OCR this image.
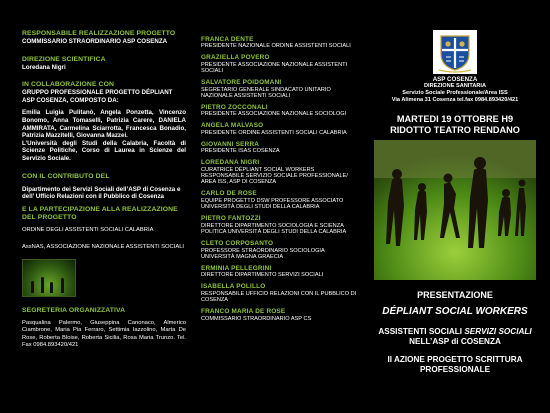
RESPONSABILE REALIZZAZIONE PROGETTO
COMMISSARIO STRAORDINARIO ASP COSENZA
DIREZIONE SCIENTIFICA
Loredana Nigri
IN COLLABORAZIONE CON
GRUPPO PROFESSIONALE PROGETTO DÉPLIANT ASP COSENZA, COMPOSTO DA:
Emilia Luigia Pulitanò, Angela Ponzetta, Vincenzo Bonomo, Anna Tomaselli, Patrizia Carere, DANIELA AMMIRATA, Carmelina Sciarrotta, Francesca Bonadio, Patrizia Mazzitelli, Giovanna Mazzei.
L’Università degli Studi della Calabria, Facoltà di Scienze Politiche, Corso di Laurea in Scienze del Servizio Sociale.
CON IL CONTRIBUTO DEL
Dipartimento dei Servizi Sociali dell’ASP di Cosenza e dell’ Ufficio Relazioni con il Pubblico di Cosenza
E LA PARTECIPAZIONE ALLA REALIZZAZIONE DEL PROGETTO
ORDINE DEGLI ASSISTENTI SOCIALI CALABRIA
AssNAS, ASSOCIAZIONE NAZIONALE ASSISTENTI SOCIALI
SEGRETERIA ORGANIZZATIVA
Pasqualina Palermo, Giuseppina Canonaco, Almerico Ciambrone, Maria Pia Ferraro, Settimia Iazzolino, Marta De Rose, Roberta Bloise, Roberta Sicilia, Rosa Maria Trunzo. Tel. Fax 0984.893420/421
FRANCA DENTE
PRESIDENTE NAZIONALE ORDINE ASSISTENTI SOCIALI
GRAZIELLA POVERO
PRESIDENTE ASSOCIAZIONE NAZIONALE ASSISTENTI SOCIALI
SALVATORE POIDOMANI
SEGRETARIO GENERALE SINDACATO UNITARIO NAZIONALE ASSISTENTI SOCIALI
PIETRO ZOCCONALI
PRESIDENTE ASSOCIAZIONE NAZIONALE SOCIOLOGI
ANGELA MALVASO
PRESIDENTE ORDINE ASSISTENTI SOCIALI CALABRIA
GIOVANNI SERRA
PRESIDENTE ISAS COSENZA
LOREDANA NIGRI
CURATRICE DÉPLIANT SOCIAL WORKERS RESPONSABILE SERVIZIO SOCIALE PROFESSIONALE/ AREA ISS, ASP DI COSENZA
CARLO DE ROSE
EQUIPE PROGETTO DSW PROFESSORE ASSOCIATO UNIVERSITÀ DEGLI STUDI DELLA CALABRIA
PIETRO FANTOZZI
DIRETTORE DIPARTIMENTO SOCIOLOGIA E SCIENZA POLITICA UNIVERSITÀ DEGLI STUDI DELLA CALABRIA
CLETO CORPOSANTO
PROFESSORE STRAORDINARIO SOCIOLOGIA UNIVERSITÀ MAGNA GRAECIA
ERMINIA PELLEGRINI
DIRETTORE DIPARTIMENTO SERVIZI SOCIALI
ISABELLA POLILLO
RESPONSABILE UFFICIO RELAZIONI CON IL PUBBLICO DI COSENZA
FRANCO MARIA DE ROSE
COMMISSARIO STRAORDINARIO ASP CS
ASP COSENZA
DIREZIONE SANITARIA
Servizio Sociale Professionale/Area ISS
Via Alimena 31 Cosenza tel.fax 0984.893420/421
MARTEDI 19 OTTOBRE H9
RIDOTTO TEATRO RENDANO
PRESENTAZIONE
DÉPLIANT SOCIAL WORKERS
ASSISTENTI SOCIALI SERVIZI SOCIALI
NELL’ASP di COSENZA
II AZIONE PROGETTO SCRITTURA
PROFESSIONALE
